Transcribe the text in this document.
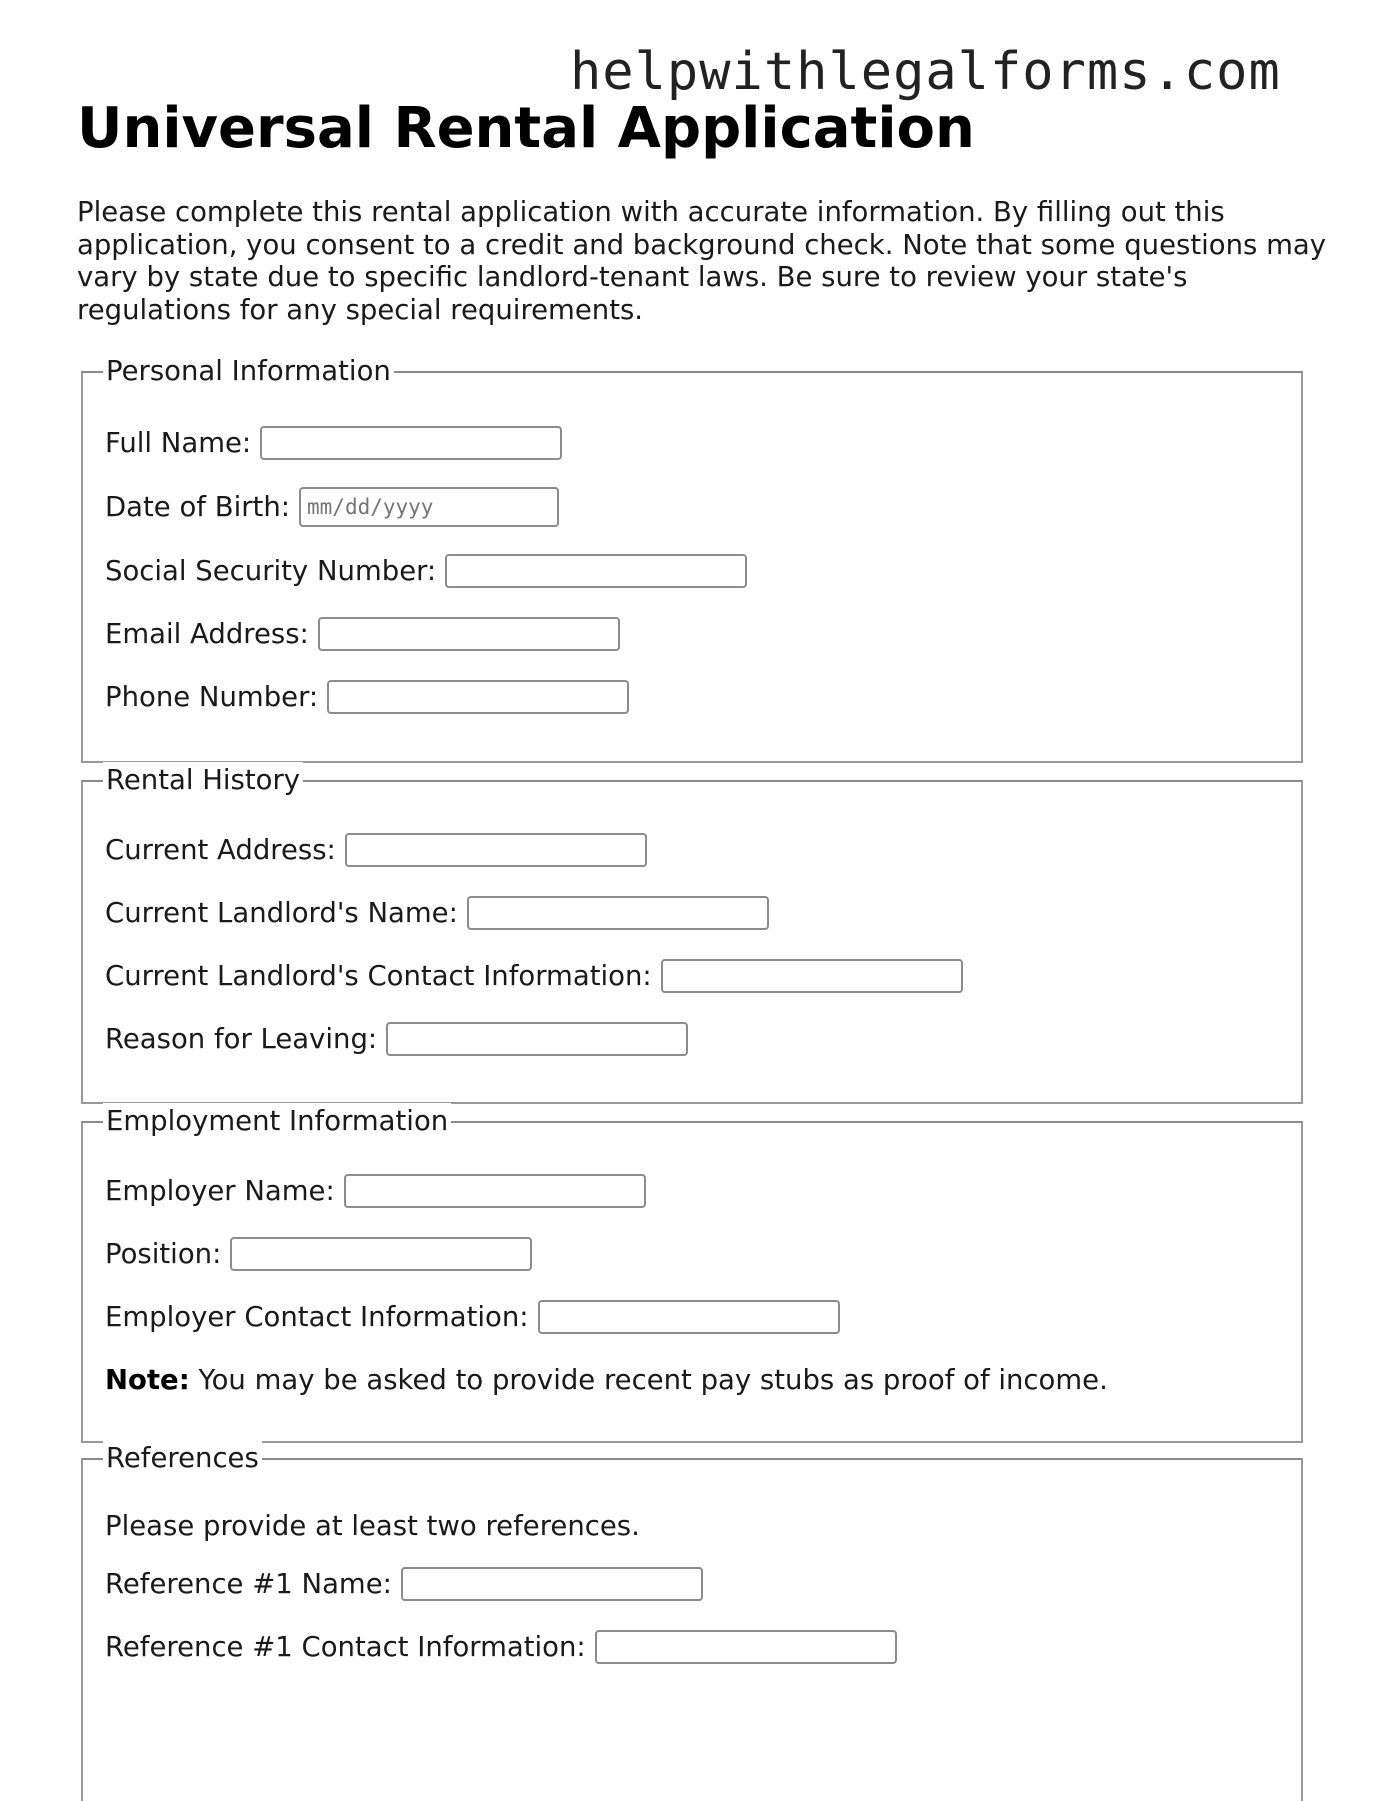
helpwithlegalforms.com
Universal Rental Application

Please complete this rental application with accurate information. By filling out this application, you consent to a credit and background check. Note that some questions may vary by state due to specific landlord-tenant laws. Be sure to review your state's regulations for any special requirements.

Personal Information
Full Name:
Date of Birth:
mm/dd/yyyy
Social Security Number:
Email Address:
Phone Number:
Rental History
Current Address:
Current Landlord's Name:
Current Landlord's Contact Information:
Reason for Leaving:
Employment Information
Employer Name:
Position:
Employer Contact Information:
Note: You may be asked to provide recent pay stubs as proof of income.
References
Please provide at least two references.
Reference #1 Name:
Reference #1 Contact Information:
